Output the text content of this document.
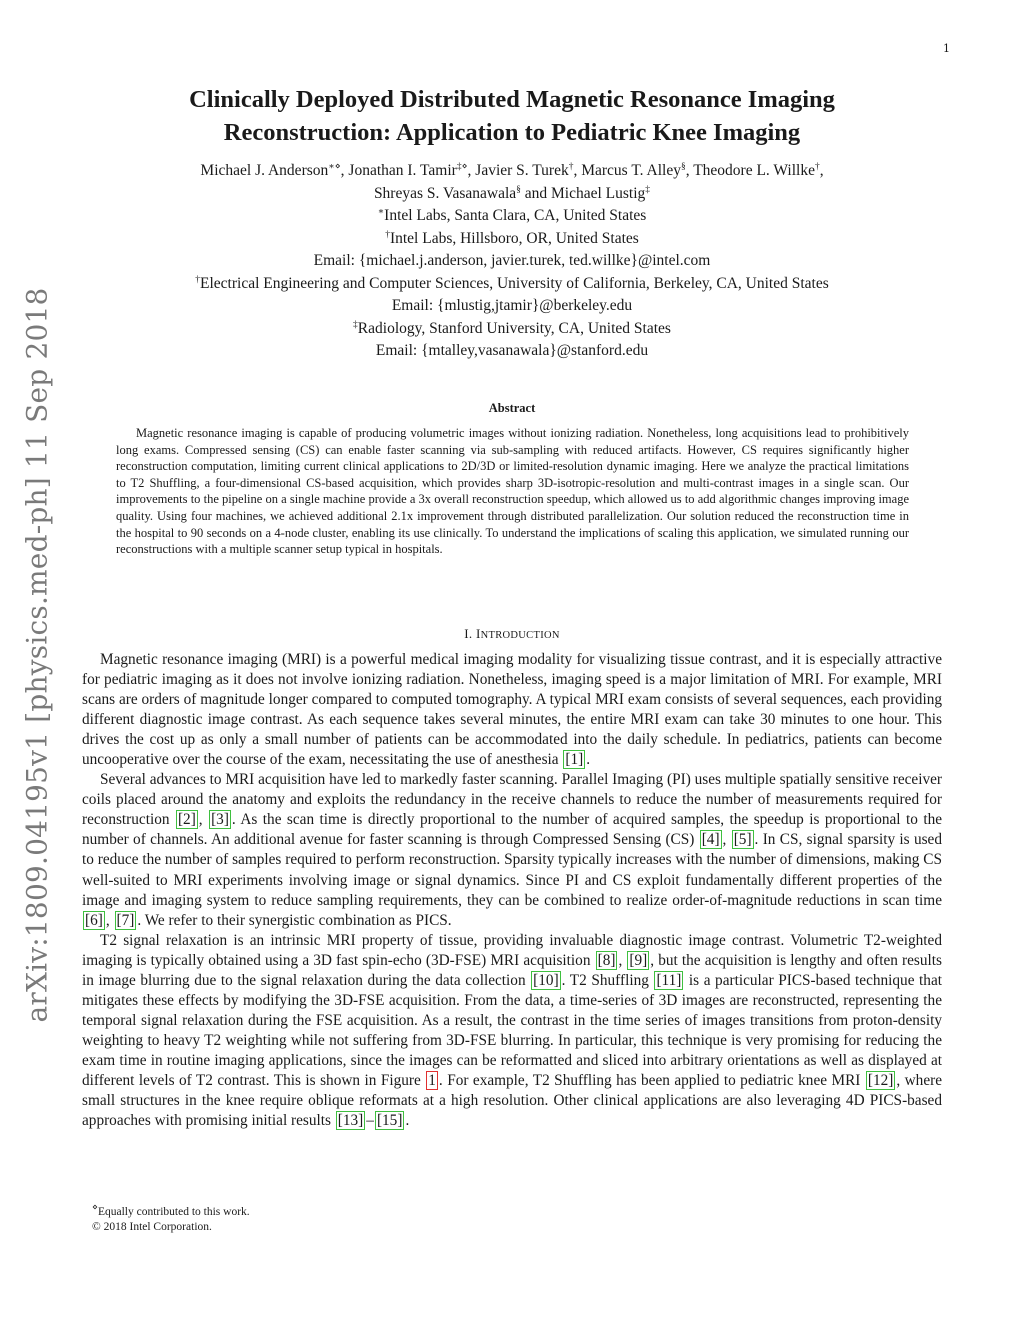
1
arXiv:1809.04195v1 [physics.med-ph] 11 Sep 2018
Clinically Deployed Distributed Magnetic Resonance Imaging
Reconstruction: Application to Pediatric Knee Imaging
Michael J. Anderson∗⋄, Jonathan I. Tamir‡⋄, Javier S. Turek†, Marcus T. Alley§, Theodore L. Willke†,
Shreyas S. Vasanawala§ and Michael Lustig‡
∗Intel Labs, Santa Clara, CA, United States
†Intel Labs, Hillsboro, OR, United States
Email: {michael.j.anderson, javier.turek, ted.willke}@intel.com
†Electrical Engineering and Computer Sciences, University of California, Berkeley, CA, United States
Email: {mlustig,jtamir}@berkeley.edu
‡Radiology, Stanford University, CA, United States
Email: {mtalley,vasanawala}@stanford.edu
Abstract

Magnetic resonance imaging is capable of producing volumetric images without ionizing radiation. Nonetheless, long acquisitions lead to prohibitively long exams. Compressed sensing (CS) can enable faster scanning via sub-sampling with reduced artifacts. However, CS requires significantly higher reconstruction computation, limiting current clinical applications to 2D/3D or limited-resolution dynamic imaging. Here we analyze the practical limitations to T2 Shuffling, a four-dimensional CS-based acquisition, which provides sharp 3D-isotropic-resolution and multi-contrast images in a single scan. Our improvements to the pipeline on a single machine provide a 3x overall reconstruction speedup, which allowed us to add algorithmic changes improving image quality. Using four machines, we achieved additional 2.1x improvement through distributed parallelization. Our solution reduced the reconstruction time in the hospital to 90 seconds on a 4-node cluster, enabling its use clinically. To understand the implications of scaling this application, we simulated running our reconstructions with a multiple scanner setup typical in hospitals.

I. INTRODUCTION

Magnetic resonance imaging (MRI) is a powerful medical imaging modality for visualizing tissue contrast, and it is especially attractive for pediatric imaging as it does not involve ionizing radiation. Nonetheless, imaging speed is a major limitation of MRI. For example, MRI scans are orders of magnitude longer compared to computed tomography. A typical MRI exam consists of several sequences, each providing different diagnostic image contrast. As each sequence takes several minutes, the entire MRI exam can take 30 minutes to one hour. This drives the cost up as only a small number of patients can be accommodated into the daily schedule. In pediatrics, patients can become uncooperative over the course of the exam, necessitating the use of anesthesia [1] .

Several advances to MRI acquisition have led to markedly faster scanning. Parallel Imaging (PI) uses multiple spatially sensitive receiver coils placed around the anatomy and exploits the redundancy in the receive channels to reduce the number of measurements required for reconstruction [2] , [3] . As the scan time is directly proportional to the number of acquired samples, the speedup is proportional to the number of channels. An additional avenue for faster scanning is through Compressed Sensing (CS) [4] , [5] . In CS, signal sparsity is used to reduce the number of samples required to perform reconstruction. Sparsity typically increases with the number of dimensions, making CS well-suited to MRI experiments involving image or signal dynamics. Since PI and CS exploit fundamentally different properties of the image and imaging system to reduce sampling requirements, they can be combined to realize order-of-magnitude reductions in scan time [6] , [7] . We refer to their synergistic combination as PICS.

T2 signal relaxation is an intrinsic MRI property of tissue, providing invaluable diagnostic image contrast. Volumetric T2-weighted imaging is typically obtained using a 3D fast spin-echo (3D-FSE) MRI acquisition [8] , [9] , but the acquisition is lengthy and often results in image blurring due to the signal relaxation during the data collection [10] . T2 Shuffling [11] is a particular PICS-based technique that mitigates these effects by modifying the 3D-FSE acquisition. From the data, a time-series of 3D images are reconstructed, representing the temporal signal relaxation during the FSE acquisition. As a result, the contrast in the time series of images transitions from proton-density weighting to heavy T2 weighting while not suffering from 3D-FSE blurring. In particular, this technique is very promising for reducing the exam time in routine imaging applications, since the images can be reformatted and sliced into arbitrary orientations as well as displayed at different levels of T2 contrast. This is shown in Figure 1 . For example, T2 Shuffling has been applied to pediatric knee MRI [12] , where small structures in the knee require oblique reformats at a high resolution. Other clinical applications are also leveraging 4D PICS-based approaches with promising initial results [13] – [15] .

⋄Equally contributed to this work.
© 2018 Intel Corporation.
